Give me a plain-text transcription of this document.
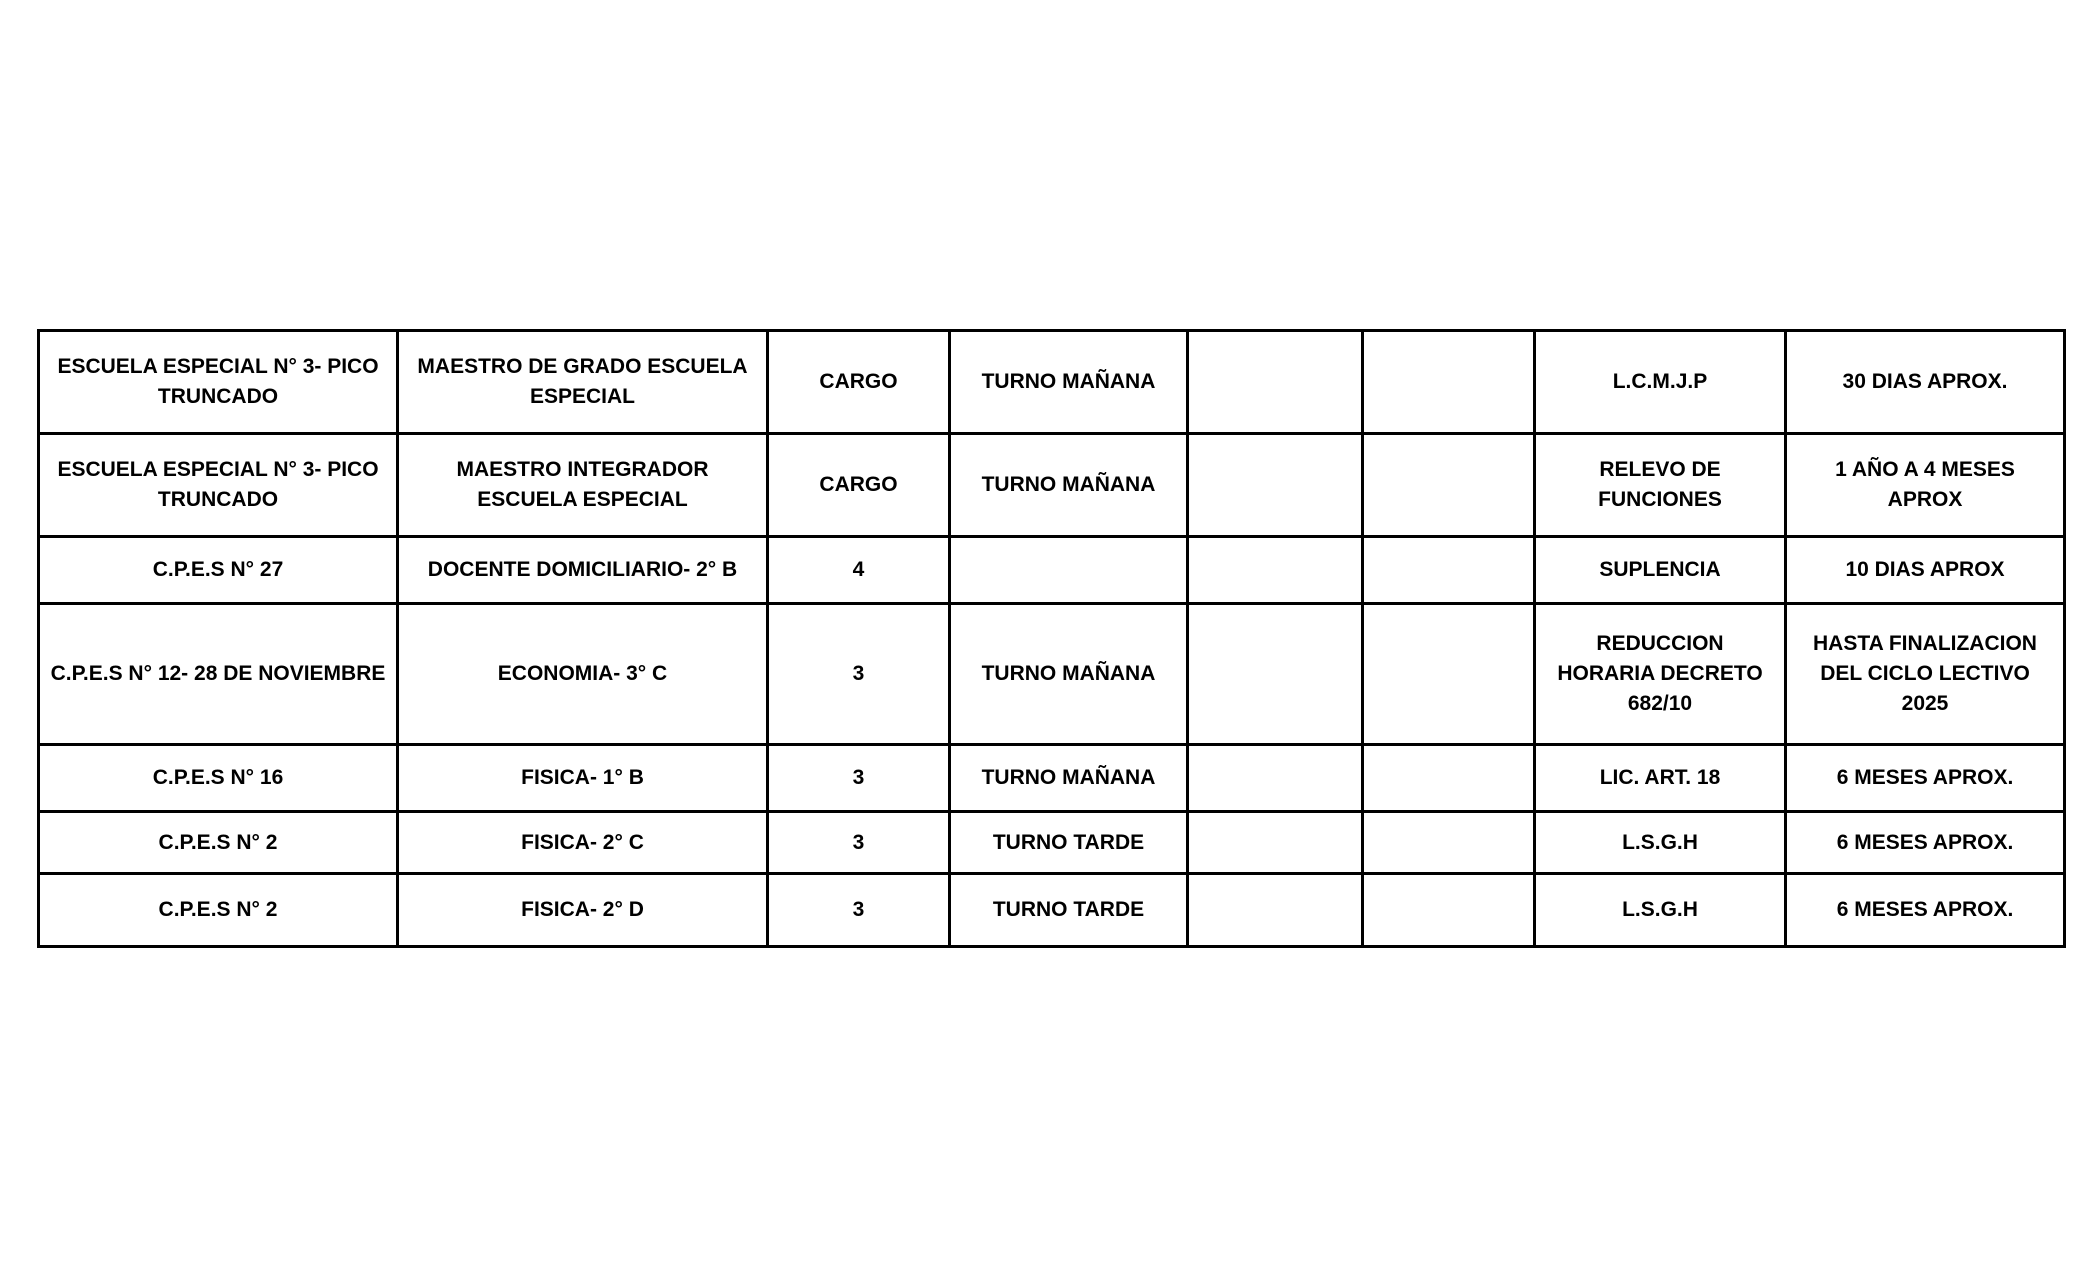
ESCUELA ESPECIAL N° 3- PICO TRUNCADO	MAESTRO DE GRADO ESCUELA ESPECIAL	CARGO	TURNO MAÑANA			L.C.M.J.P	30 DIAS APROX.
ESCUELA ESPECIAL N° 3- PICO TRUNCADO	MAESTRO INTEGRADOR ESCUELA ESPECIAL	CARGO	TURNO MAÑANA			RELEVO DE FUNCIONES	1 AÑO A 4 MESES APROX
C.P.E.S N° 27	DOCENTE DOMICILIARIO- 2° B	4				SUPLENCIA	10 DIAS APROX
C.P.E.S N° 12- 28 DE NOVIEMBRE	ECONOMIA- 3° C	3	TURNO MAÑANA			REDUCCION HORARIA DECRETO 682/10	HASTA FINALIZACION DEL CICLO LECTIVO 2025
C.P.E.S N° 16	FISICA- 1° B	3	TURNO MAÑANA			LIC. ART. 18	6 MESES APROX.
C.P.E.S N° 2	FISICA- 2° C	3	TURNO TARDE			L.S.G.H	6 MESES APROX.
C.P.E.S N° 2	FISICA- 2° D	3	TURNO TARDE			L.S.G.H	6 MESES APROX.
